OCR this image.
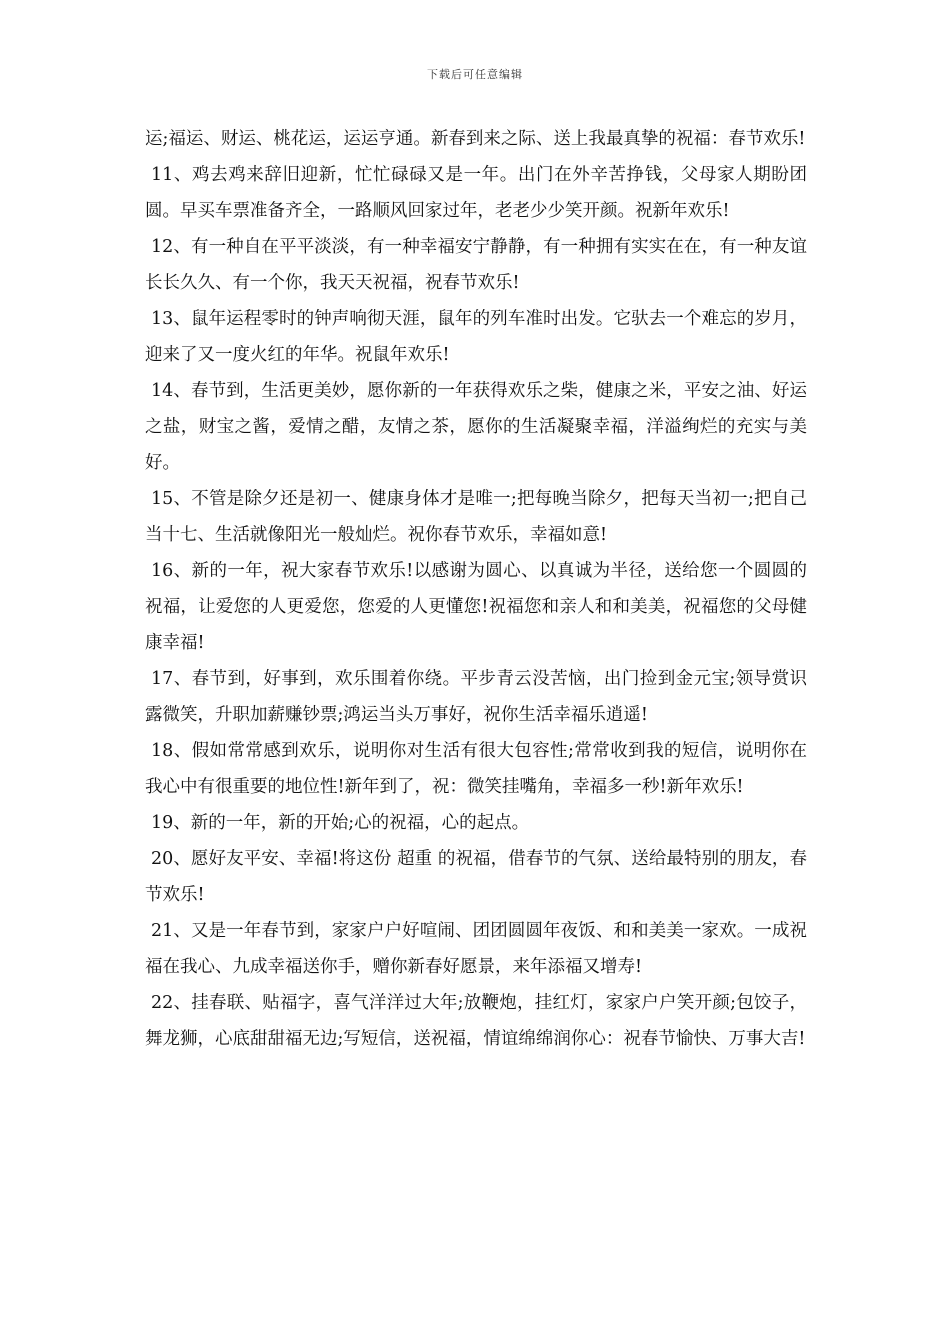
下载后可任意编辑

运;福运、财运、桃花运，运运亨通。新春到来之际、送上我最真挚的祝福：春节欢乐!

11、鸡去鸡来辞旧迎新，忙忙碌碌又是一年。出门在外辛苦挣钱，父母家人期盼团圆。早买车票准备齐全，一路顺风回家过年，老老少少笑开颜。祝新年欢乐!

12、有一种自在平平淡淡，有一种幸福安宁静静，有一种拥有实实在在，有一种友谊长长久久、有一个你，我天天祝福，祝春节欢乐!

13、鼠年运程零时的钟声响彻天涯，鼠年的列车准时出发。它驮去一个难忘的岁月，迎来了又一度火红的年华。祝鼠年欢乐!

14、春节到，生活更美妙，愿你新的一年获得欢乐之柴，健康之米，平安之油、好运之盐，财宝之酱，爱情之醋，友情之茶，愿你的生活凝聚幸福，洋溢绚烂的充实与美好。

15、不管是除夕还是初一、健康身体才是唯一;把每晚当除夕，把每天当初一;把自己当十七、生活就像阳光一般灿烂。祝你春节欢乐，幸福如意!

16、新的一年，祝大家春节欢乐!以感谢为圆心、以真诚为半径，送给您一个圆圆的祝福，让爱您的人更爱您，您爱的人更懂您!祝福您和亲人和和美美，祝福您的父母健康幸福!

17、春节到，好事到，欢乐围着你绕。平步青云没苦恼，出门捡到金元宝;领导赏识露微笑，升职加薪赚钞票;鸿运当头万事好，祝你生活幸福乐逍遥!

18、假如常常感到欢乐，说明你对生活有很大包容性;常常收到我的短信，说明你在我心中有很重要的地位性!新年到了，祝：微笑挂嘴角，幸福多一秒!新年欢乐!

19、新的一年，新的开始;心的祝福，心的起点。

20、愿好友平安、幸福!将这份 超重 的祝福，借春节的气氛、送给最特别的朋友，春节欢乐!

21、又是一年春节到，家家户户好喧闹、团团圆圆年夜饭、和和美美一家欢。一成祝福在我心、九成幸福送你手，赠你新春好愿景，来年添福又增寿!

22、挂春联、贴福字，喜气洋洋过大年;放鞭炮，挂红灯，家家户户笑开颜;包饺子，舞龙狮，心底甜甜福无边;写短信，送祝福，情谊绵绵润你心：祝春节愉快、万事大吉!
